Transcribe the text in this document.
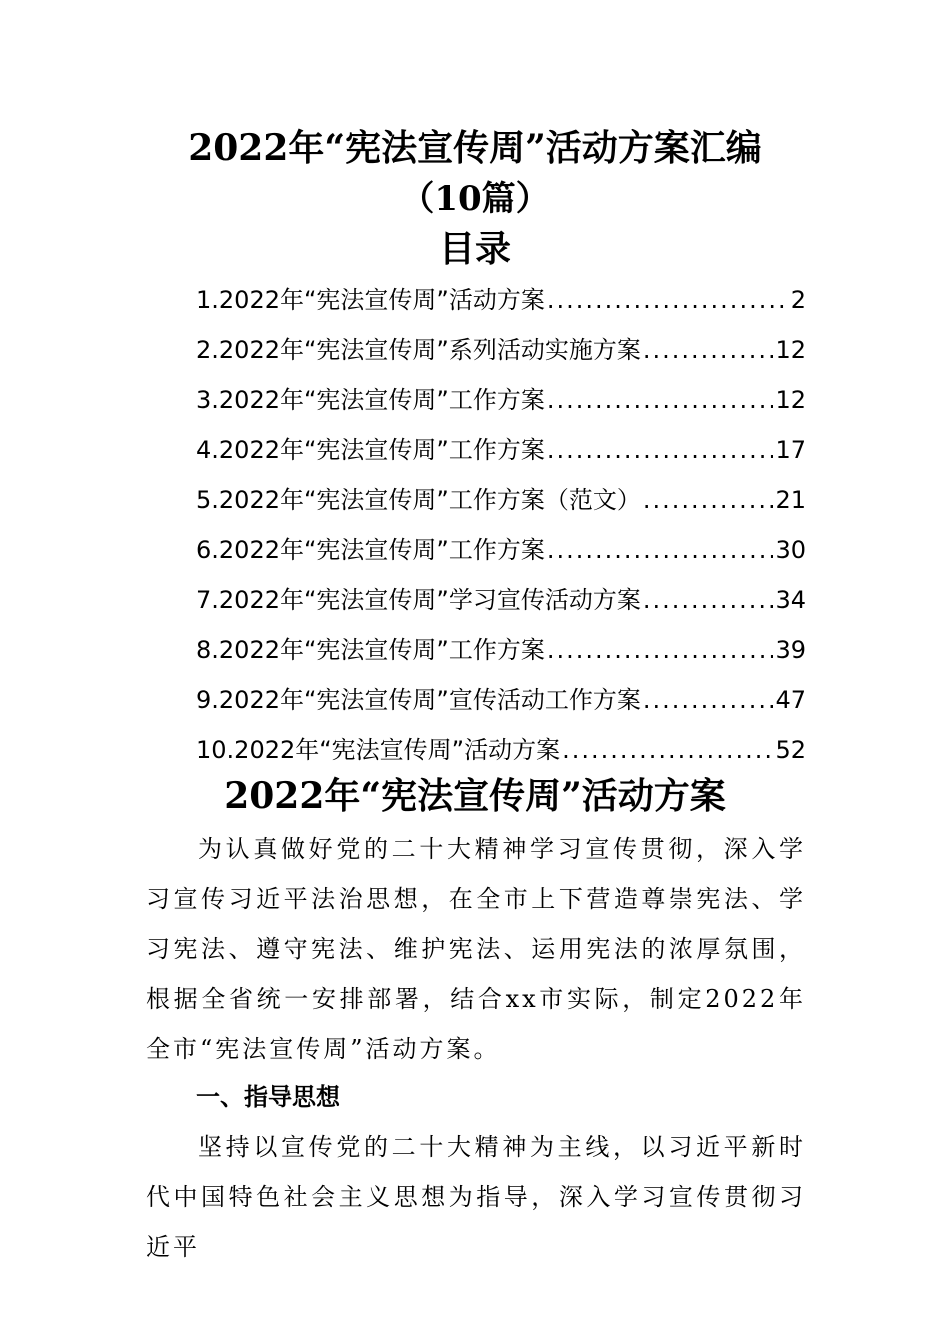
2022年“宪法宣传周”活动方案汇编
（10篇）
目录
1. 2022年“宪法宣传周”活动方案 .....	2
2. 2022年“宪法宣传周”系列活动实施方案 .....	12
3. 2022年“宪法宣传周”工作方案 .....	12
4. 2022年“宪法宣传周”工作方案 .....	17
5. 2022年“宪法宣传周”工作方案（范文） .....	21
6. 2022年“宪法宣传周”工作方案 .....	30
7. 2022年“宪法宣传周”学习宣传活动方案 .....	34
8. 2022年“宪法宣传周”工作方案 .....	39
9. 2022年“宪法宣传周”宣传活动工作方案 .....	47
10. 2022年“宪法宣传周”活动方案 .....	52
2022年“宪法宣传周”活动方案

为认真做好党的二十大精神学习宣传贯彻，深入学习宣传习近平法治思想，在全市上下营造尊崇宪法、学习宪法、遵守宪法、维护宪法、运用宪法的浓厚氛围，根据全省统一安排部署，结合xx市实际，制定2022年全市“宪法宣传周”活动方案。

一、指导思想

坚持以宣传党的二十大精神为主线，以习近平新时代中国特色社会主义思想为指导，深入学习宣传贯彻习近平
